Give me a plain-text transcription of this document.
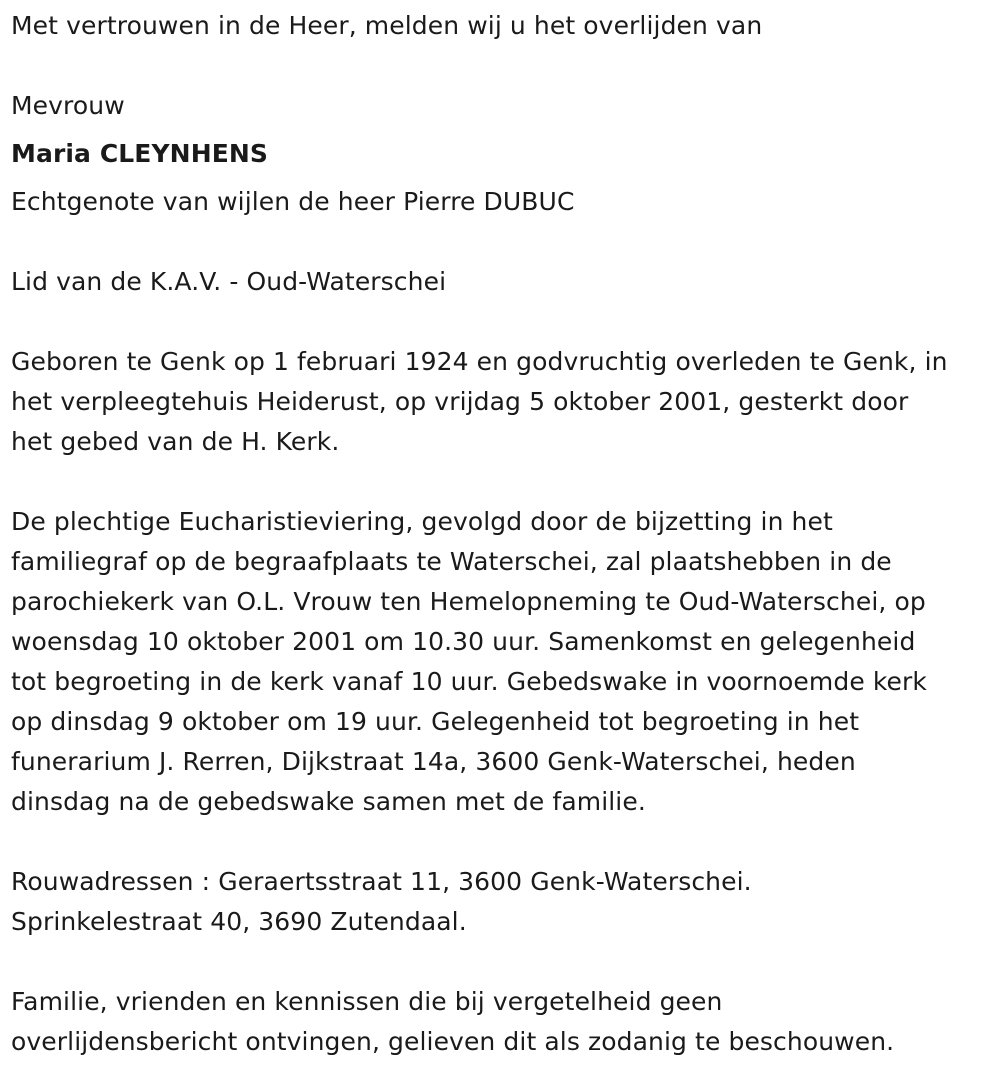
Met vertrouwen in de Heer, melden wij u het overlijden van
Mevrouw
Maria CLEYNHENS
Echtgenote van wijlen de heer Pierre DUBUC
Lid van de K.A.V. - Oud-Waterschei
Geboren te Genk op 1 februari 1924 en godvruchtig overleden te Genk, in
het verpleegtehuis Heiderust, op vrijdag 5 oktober 2001, gesterkt door
het gebed van de H. Kerk.
De plechtige Eucharistieviering, gevolgd door de bijzetting in het
familiegraf op de begraafplaats te Waterschei, zal plaatshebben in de
parochiekerk van O.L. Vrouw ten Hemelopneming te Oud-Waterschei, op
woensdag 10 oktober 2001 om 10.30 uur. Samenkomst en gelegenheid
tot begroeting in de kerk vanaf 10 uur. Gebedswake in voornoemde kerk
op dinsdag 9 oktober om 19 uur. Gelegenheid tot begroeting in het
funerarium J. Rerren, Dijkstraat 14a, 3600 Genk-Waterschei, heden
dinsdag na de gebedswake samen met de familie.
Rouwadressen : Geraertsstraat 11, 3600 Genk-Waterschei.
Sprinkelestraat 40, 3690 Zutendaal.
Familie, vrienden en kennissen die bij vergetelheid geen
overlijdensbericht ontvingen, gelieven dit als zodanig te beschouwen.
